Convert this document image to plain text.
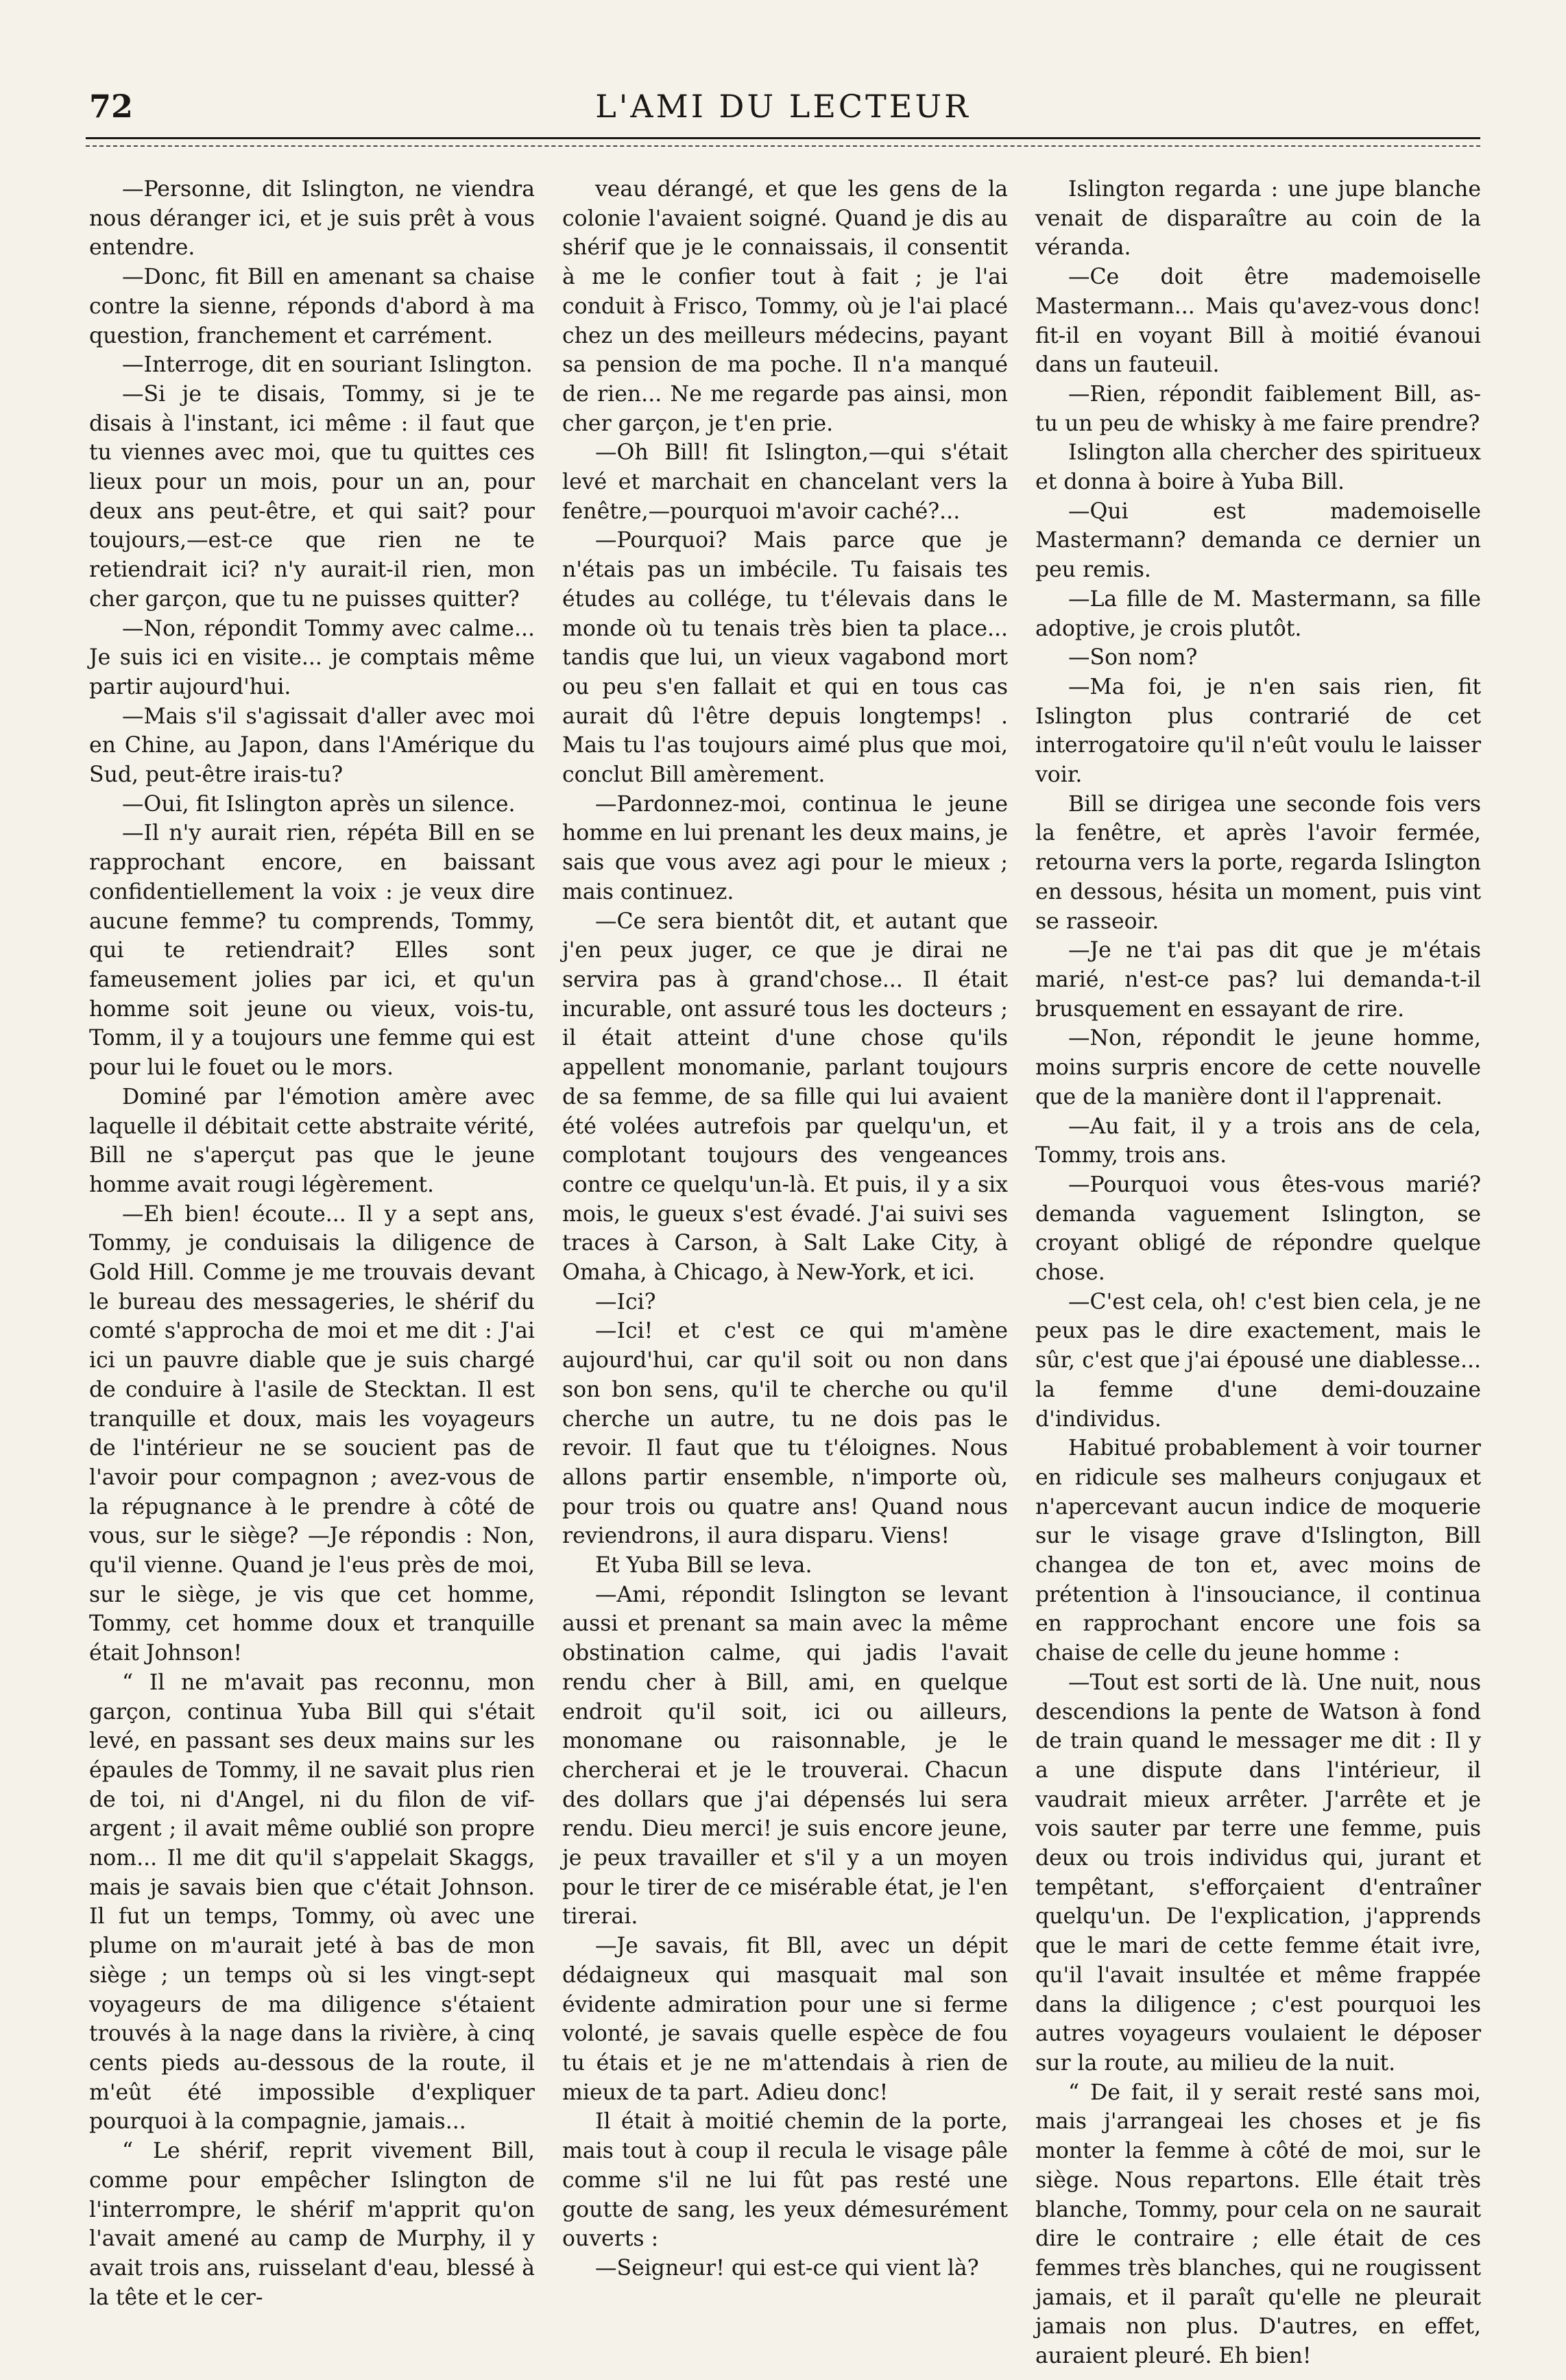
72	L'AMI DU LECTEUR

—Personne, dit Islington, ne viendra nous déranger ici, et je suis prêt à vous entendre.

—Donc, fit Bill en amenant sa chaise contre la sienne, réponds d'abord à ma question, franchement et carrément.

—Interroge, dit en souriant Islington.

—Si je te disais, Tommy, si je te disais à l'instant, ici même : il faut que tu viennes avec moi, que tu quittes ces lieux pour un mois, pour un an, pour deux ans peut-être, et qui sait? pour toujours,—est-ce que rien ne te retiendrait ici? n'y aurait-il rien, mon cher garçon, que tu ne puisses quitter?

—Non, répondit Tommy avec calme... Je suis ici en visite... je comptais même partir aujourd'hui.

—Mais s'il s'agissait d'aller avec moi en Chine, au Japon, dans l'Amérique du Sud, peut-être irais-tu?

—Oui, fit Islington après un silence.

—Il n'y aurait rien, répéta Bill en se rapprochant encore, en baissant confidentiellement la voix : je veux dire aucune femme? tu comprends, Tommy, qui te retiendrait? Elles sont fameusement jolies par ici, et qu'un homme soit jeune ou vieux, vois-tu, Tomm, il y a toujours une femme qui est pour lui le fouet ou le mors.

Dominé par l'émotion amère avec laquelle il débitait cette abstraite vérité, Bill ne s'aperçut pas que le jeune homme avait rougi légèrement.

—Eh bien! écoute... Il y a sept ans, Tommy, je conduisais la diligence de Gold Hill. Comme je me trouvais devant le bureau des messageries, le shérif du comté s'approcha de moi et me dit : J'ai ici un pauvre diable que je suis chargé de conduire à l'asile de Stecktan. Il est tranquille et doux, mais les voyageurs de l'intérieur ne se soucient pas de l'avoir pour compagnon ; avez-vous de la répugnance à le prendre à côté de vous, sur le siège? —Je répondis : Non, qu'il vienne. Quand je l'eus près de moi, sur le siège, je vis que cet homme, Tommy, cet homme doux et tranquille était Johnson!

“ Il ne m'avait pas reconnu, mon garçon, continua Yuba Bill qui s'était levé, en passant ses deux mains sur les épaules de Tommy, il ne savait plus rien de toi, ni d'Angel, ni du filon de vif-argent ; il avait même oublié son propre nom... Il me dit qu'il s'appelait Skaggs, mais je savais bien que c'était Johnson. Il fut un temps, Tommy, où avec une plume on m'aurait jeté à bas de mon siège ; un temps où si les vingt-sept voyageurs de ma diligence s'étaient trouvés à la nage dans la rivière, à cinq cents pieds au-dessous de la route, il m'eût été impossible d'expliquer pourquoi à la compagnie, jamais...

“ Le shérif, reprit vivement Bill, comme pour empêcher Islington de l'interrompre, le shérif m'apprit qu'on l'avait amené au camp de Murphy, il y avait trois ans, ruisselant d'eau, blessé à la tête et le cer-

veau dérangé, et que les gens de la colonie l'avaient soigné. Quand je dis au shérif que je le connaissais, il consentit à me le confier tout à fait ; je l'ai conduit à Frisco, Tommy, où je l'ai placé chez un des meilleurs médecins, payant sa pension de ma poche. Il n'a manqué de rien... Ne me regarde pas ainsi, mon cher garçon, je t'en prie.

—Oh Bill! fit Islington,—qui s'était levé et marchait en chancelant vers la fenêtre,—pourquoi m'avoir caché?...

—Pourquoi? Mais parce que je n'étais pas un imbécile. Tu faisais tes études au collége, tu t'élevais dans le monde où tu tenais très bien ta place... tandis que lui, un vieux vagabond mort ou peu s'en fallait et qui en tous cas aurait dû l'être depuis longtemps! . Mais tu l'as toujours aimé plus que moi, conclut Bill amèrement.

—Pardonnez-moi, continua le jeune homme en lui prenant les deux mains, je sais que vous avez agi pour le mieux ; mais continuez.

—Ce sera bientôt dit, et autant que j'en peux juger, ce que je dirai ne servira pas à grand'chose... Il était incurable, ont assuré tous les docteurs ; il était atteint d'une chose qu'ils appellent monomanie, parlant toujours de sa femme, de sa fille qui lui avaient été volées autrefois par quelqu'un, et complotant toujours des vengeances contre ce quelqu'un-là. Et puis, il y a six mois, le gueux s'est évadé. J'ai suivi ses traces à Carson, à Salt Lake City, à Omaha, à Chicago, à New-York, et ici.

—Ici?

—Ici! et c'est ce qui m'amène aujourd'hui, car qu'il soit ou non dans son bon sens, qu'il te cherche ou qu'il cherche un autre, tu ne dois pas le revoir. Il faut que tu t'éloignes. Nous allons partir ensemble, n'importe où, pour trois ou quatre ans! Quand nous reviendrons, il aura disparu. Viens!

Et Yuba Bill se leva.

—Ami, répondit Islington se levant aussi et prenant sa main avec la même obstination calme, qui jadis l'avait rendu cher à Bill, ami, en quelque endroit qu'il soit, ici ou ailleurs, monomane ou raisonnable, je le chercherai et je le trouverai. Chacun des dollars que j'ai dépensés lui sera rendu. Dieu merci! je suis encore jeune, je peux travailler et s'il y a un moyen pour le tirer de ce misérable état, je l'en tirerai.

—Je savais, fit Bll, avec un dépit dédaigneux qui masquait mal son évidente admiration pour une si ferme volonté, je savais quelle espèce de fou tu étais et je ne m'attendais à rien de mieux de ta part. Adieu donc!

Il était à moitié chemin de la porte, mais tout à coup il recula le visage pâle comme s'il ne lui fût pas resté une goutte de sang, les yeux démesurément ouverts :

—Seigneur! qui est-ce qui vient là?

Islington regarda : une jupe blanche venait de disparaître au coin de la véranda.

—Ce doit être mademoiselle Mastermann... Mais qu'avez-vous donc! fit-il en voyant Bill à moitié évanoui dans un fauteuil.

—Rien, répondit faiblement Bill, as-tu un peu de whisky à me faire prendre?

Islington alla chercher des spiritueux et donna à boire à Yuba Bill.

—Qui est mademoiselle Mastermann? demanda ce dernier un peu remis.

—La fille de M. Mastermann, sa fille adoptive, je crois plutôt.

—Son nom?

—Ma foi, je n'en sais rien, fit Islington plus contrarié de cet interrogatoire qu'il n'eût voulu le laisser voir.

Bill se dirigea une seconde fois vers la fenêtre, et après l'avoir fermée, retourna vers la porte, regarda Islington en dessous, hésita un moment, puis vint se rasseoir.

—Je ne t'ai pas dit que je m'étais marié, n'est-ce pas? lui demanda-t-il brusquement en essayant de rire.

—Non, répondit le jeune homme, moins surpris encore de cette nouvelle que de la manière dont il l'apprenait.

—Au fait, il y a trois ans de cela, Tommy, trois ans.

—Pourquoi vous êtes-vous marié? demanda vaguement Islington, se croyant obligé de répondre quelque chose.

—C'est cela, oh! c'est bien cela, je ne peux pas le dire exactement, mais le sûr, c'est que j'ai épousé une diablesse... la femme d'une demi-douzaine d'individus.

Habitué probablement à voir tourner en ridicule ses malheurs conjugaux et n'apercevant aucun indice de moquerie sur le visage grave d'Islington, Bill changea de ton et, avec moins de prétention à l'insouciance, il continua en rapprochant encore une fois sa chaise de celle du jeune homme :

—Tout est sorti de là. Une nuit, nous descendions la pente de Watson à fond de train quand le messager me dit : Il y a une dispute dans l'intérieur, il vaudrait mieux arrêter. J'arrête et je vois sauter par terre une femme, puis deux ou trois individus qui, jurant et tempêtant, s'efforçaient d'entraîner quelqu'un. De l'explication, j'apprends que le mari de cette femme était ivre, qu'il l'avait insultée et même frappée dans la diligence ; c'est pourquoi les autres voyageurs voulaient le déposer sur la route, au milieu de la nuit.

“ De fait, il y serait resté sans moi, mais j'arrangeai les choses et je fis monter la femme à côté de moi, sur le siège. Nous repartons. Elle était très blanche, Tommy, pour cela on ne saurait dire le contraire ; elle était de ces femmes très blanches, qui ne rougissent jamais, et il paraît qu'elle ne pleurait jamais non plus. D'autres, en effet, auraient pleuré. Eh bien!
